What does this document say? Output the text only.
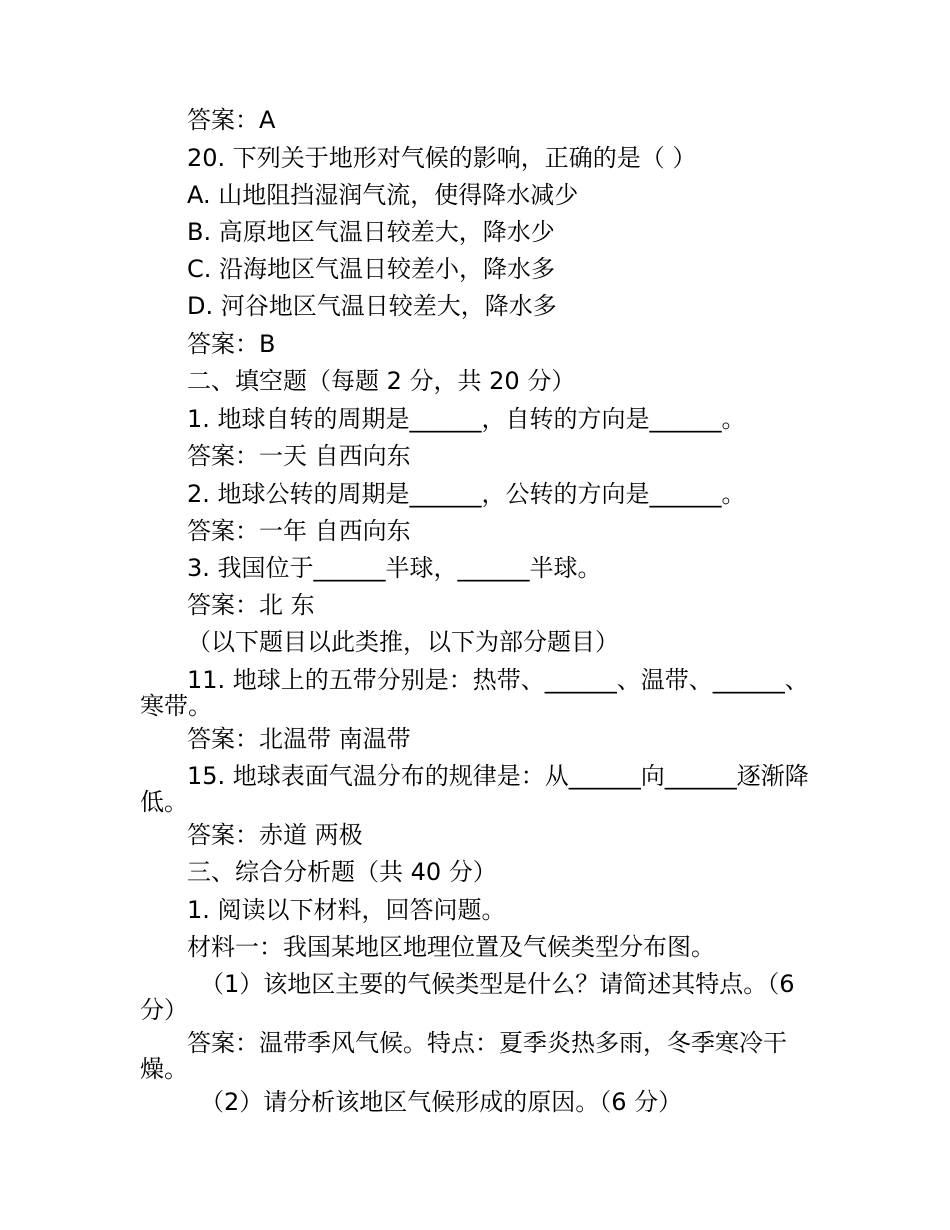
答案：A

20. 下列关于地形对气候的影响，正确的是（ ）

A. 山地阻挡湿润气流，使得降水减少

B. 高原地区气温日较差大，降水少

C. 沿海地区气温日较差小，降水多

D. 河谷地区气温日较差大，降水多

答案：B

二、填空题（每题 2 分，共 20 分）

1. 地球自转的周期是______，自转的方向是______。

答案：一天 自西向东

2. 地球公转的周期是______，公转的方向是______。

答案：一年 自西向东

3. 我国位于______半球，______半球。

答案：北 东

（以下题目以此类推，以下为部分题目）

11. 地球上的五带分别是：热带、______、温带、______、寒带。

答案：北温带 南温带

15. 地球表面气温分布的规律是：从______向______逐渐降低。

答案：赤道 两极

三、综合分析题（共 40 分）

1. 阅读以下材料，回答问题。

材料一：我国某地区地理位置及气候类型分布图。

（1）该地区主要的气候类型是什么？请简述其特点。（6 分）

答案：温带季风气候。特点：夏季炎热多雨，冬季寒冷干燥。

（2）请分析该地区气候形成的原因。（6 分）
